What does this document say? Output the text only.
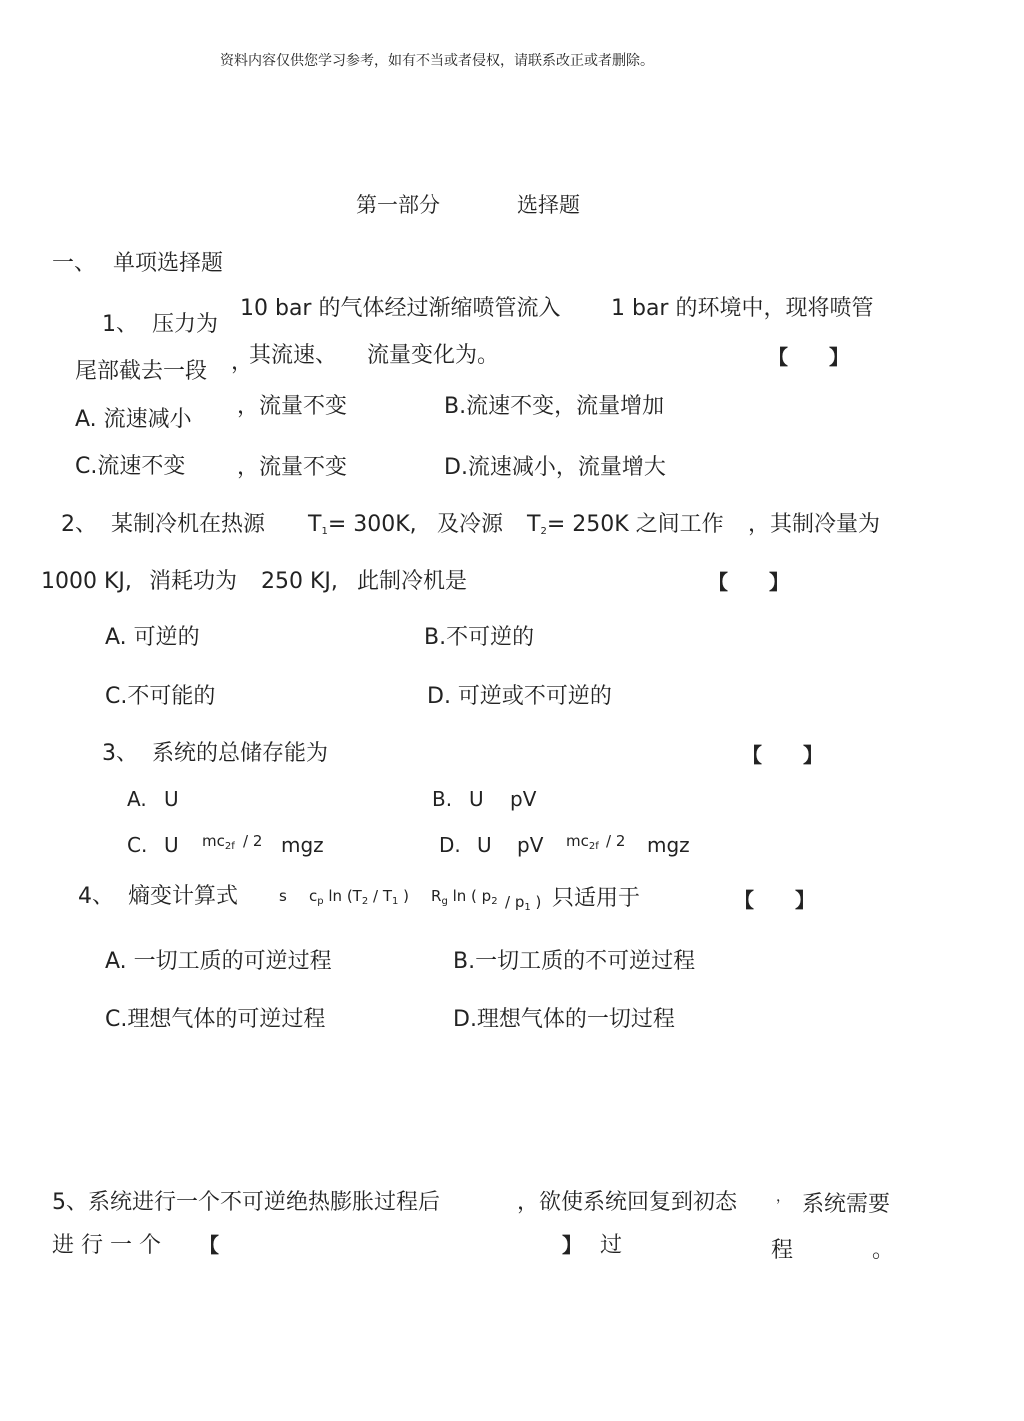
资料内容仅供您学习参考，如有不当或者侵权，请联系改正或者删除。
第一部分	选择题
一、 单项选择题
1、 压力为
10 bar 的气体经过渐缩喷管流入 1 bar 的环境中，现将喷管
尾部截去一段 ，
其流速、 流量变化为。	【 】
A. 流速减小
，流量不变	B.流速不变，流量增加
C.流速不变 ，流量不变	D.流速减小，流量增大
2、 某制冷机在热源 T1= 300K, 及冷源 T2= 250K 之间工作 ，其制冷量为
1000 KJ, 消耗功为 250 KJ, 此制冷机是	【 】
A. 可逆的	B.不可逆的
C.不可能的	D. 可逆或不可逆的
3、 系统的总储存能为	【 】
A. U	B. U pV
C. U $mc_{2f} / 2$ mgz	D. U pV $mc_{2f} / 2$ mgz
4、 熵变计算式	s $c_p$ $\ln (T_2 / T_1$ ) $R_g$ ln ( $p_2 / p_1$ ) 只适用于	【 】
A. 一切工质的可逆过程	B.一切工质的不可逆过程
C.理想气体的可逆过程	D.理想气体的一切过程
5、系统进行一个不可逆绝热膨胀过程后	，欲使系统回复到初态	， 系统需要
进 行 一 个 【	】 过	程	。
